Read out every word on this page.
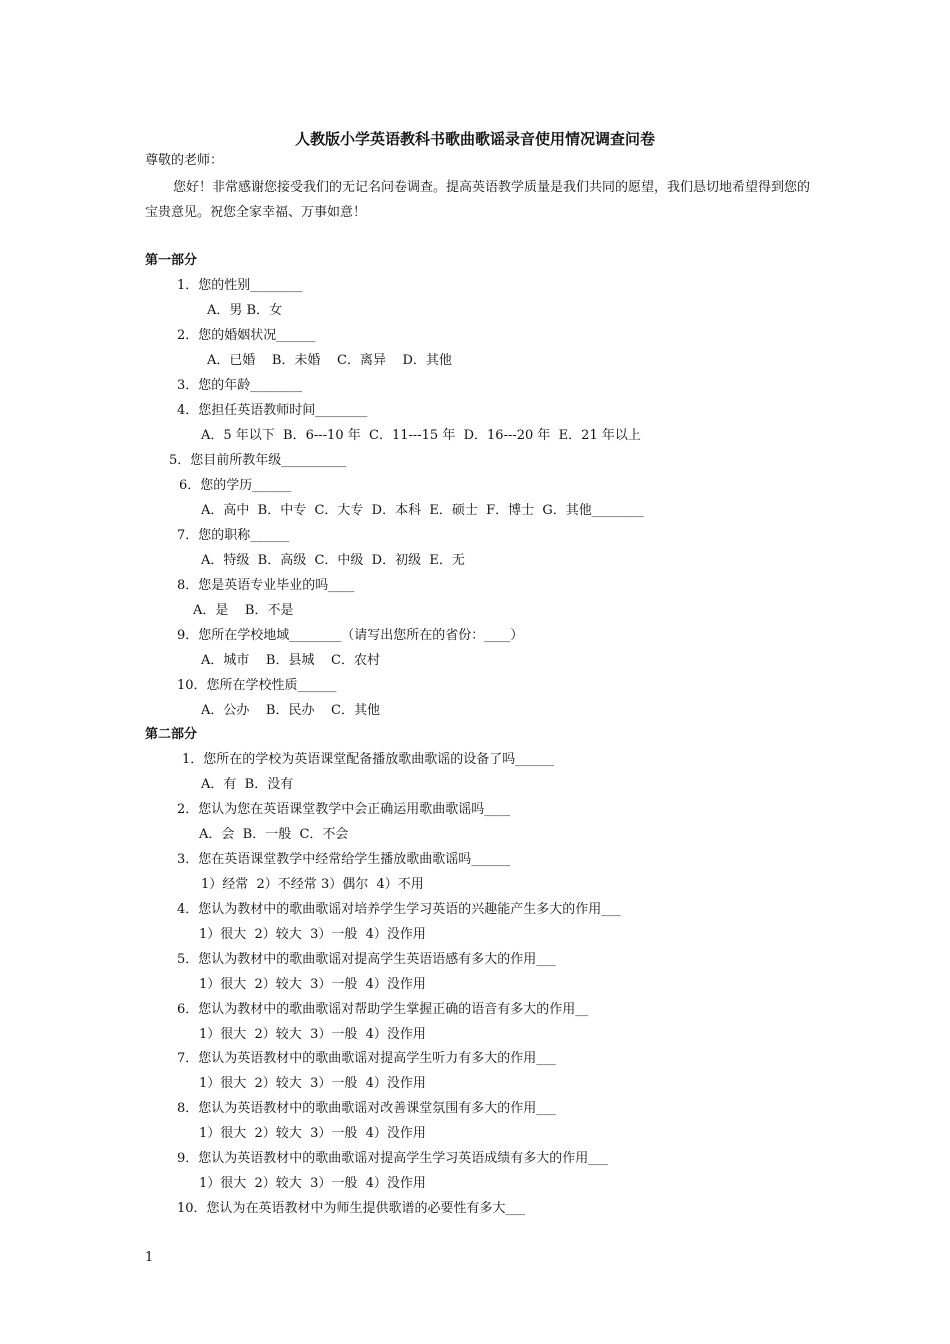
人教版小学英语教科书歌曲歌谣录音使用情况调查问卷
尊敬的老师：
您好！非常感谢您接受我们的无记名问卷调查。提高英语教学质量是我们共同的愿望，我们恳切地希望得到您的宝贵意见。祝您全家幸福、万事如意！
第一部分
1．您的性别________
A．男 B．女
2．您的婚姻状况______
A．已婚    B．未婚    C．离异    D．其他
3．您的年龄________
4．您担任英语教师时间________
A．5 年以下  B．6---10 年  C．11---15 年  D．16---20 年  E．21 年以上
5．您目前所教年级__________
6．您的学历______
A．高中  B．中专  C．大专  D．本科  E．硕士  F．博士  G．其他________
7．您的职称______
A．特级  B．高级  C．中级  D．初级  E．无
8．您是英语专业毕业的吗____
A．是    B．不是
9．您所在学校地域________（请写出您所在的省份：____）
A．城市    B．县城    C．农村
10．您所在学校性质______
A．公办    B．民办    C．其他
第二部分
1．您所在的学校为英语课堂配备播放歌曲歌谣的设备了吗______
A．有  B．没有
2．您认为您在英语课堂教学中会正确运用歌曲歌谣吗____
A．会  B．一般  C．不会
3．您在英语课堂教学中经常给学生播放歌曲歌谣吗______
1）经常  2）不经常 3）偶尔  4）不用
4．您认为教材中的歌曲歌谣对培养学生学习英语的兴趣能产生多大的作用___
1）很大  2）较大  3）一般  4）没作用
5．您认为教材中的歌曲歌谣对提高学生英语语感有多大的作用___
1）很大  2）较大  3）一般  4）没作用
6．您认为教材中的歌曲歌谣对帮助学生掌握正确的语音有多大的作用__
1）很大  2）较大  3）一般  4）没作用
7．您认为英语教材中的歌曲歌谣对提高学生听力有多大的作用___
1）很大  2）较大  3）一般  4）没作用
8．您认为英语教材中的歌曲歌谣对改善课堂氛围有多大的作用___
1）很大  2）较大  3）一般  4）没作用
9．您认为英语教材中的歌曲歌谣对提高学生学习英语成绩有多大的作用___
1）很大  2）较大  3）一般  4）没作用
10．您认为在英语教材中为师生提供歌谱的必要性有多大___
1
